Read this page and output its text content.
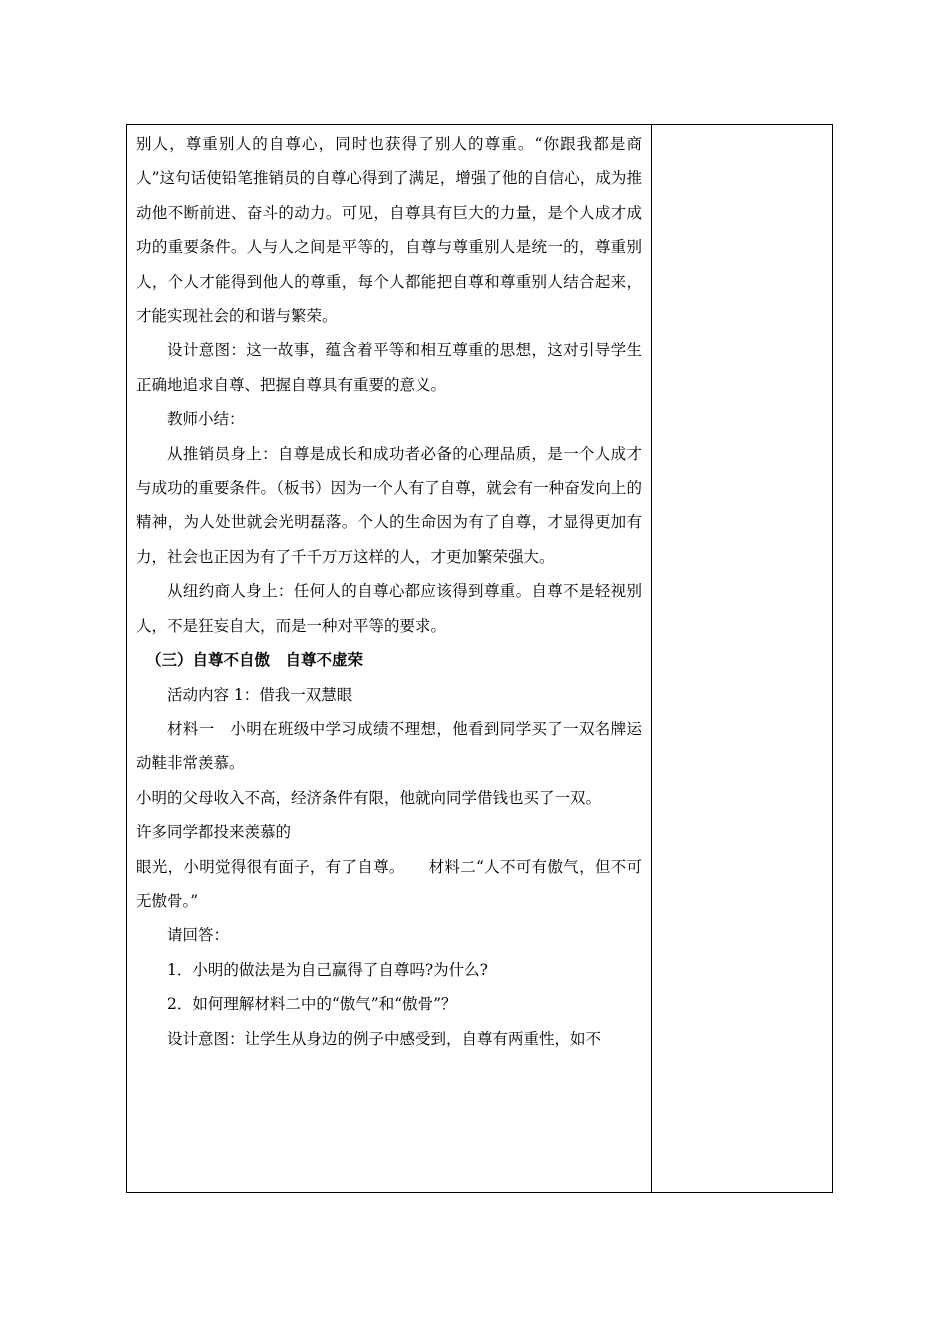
别人，尊重别人的自尊心，同时也获得了别人的尊重。“你跟我都是商人”这句话使铅笔推销员的自尊心得到了满足，增强了他的自信心，成为推动他不断前进、奋斗的动力。可见，自尊具有巨大的力量，是个人成才成功的重要条件。人与人之间是平等的，自尊与尊重别人是统一的，尊重别人，个人才能得到他人的尊重，每个人都能把自尊和尊重别人结合起来，才能实现社会的和谐与繁荣。

设计意图：这一故事，蕴含着平等和相互尊重的思想，这对引导学生正确地追求自尊、把握自尊具有重要的意义。

教师小结：

从推销员身上：自尊是成长和成功者必备的心理品质，是一个人成才与成功的重要条件。（板书）因为一个人有了自尊，就会有一种奋发向上的精神，为人处世就会光明磊落。个人的生命因为有了自尊，才显得更加有力，社会也正因为有了千千万万这样的人，才更加繁荣强大。

从纽约商人身上：任何人的自尊心都应该得到尊重。自尊不是轻视别人，不是狂妄自大，而是一种对平等的要求。

（三）自尊不自傲　自尊不虚荣

活动内容 1：借我一双慧眼

材料一　小明在班级中学习成绩不理想，他看到同学买了一双名牌运动鞋非常羡慕。

小明的父母收入不高，经济条件有限，他就向同学借钱也买了一双。

许多同学都投来羡慕的

眼光，小明觉得很有面子，有了自尊。　　材料二“人不可有傲气，但不可无傲骨。”

请回答：

1．小明的做法是为自己赢得了自尊吗?为什么?

2．如何理解材料二中的“傲气”和“傲骨”？

设计意图：让学生从身边的例子中感受到，自尊有两重性，如不
